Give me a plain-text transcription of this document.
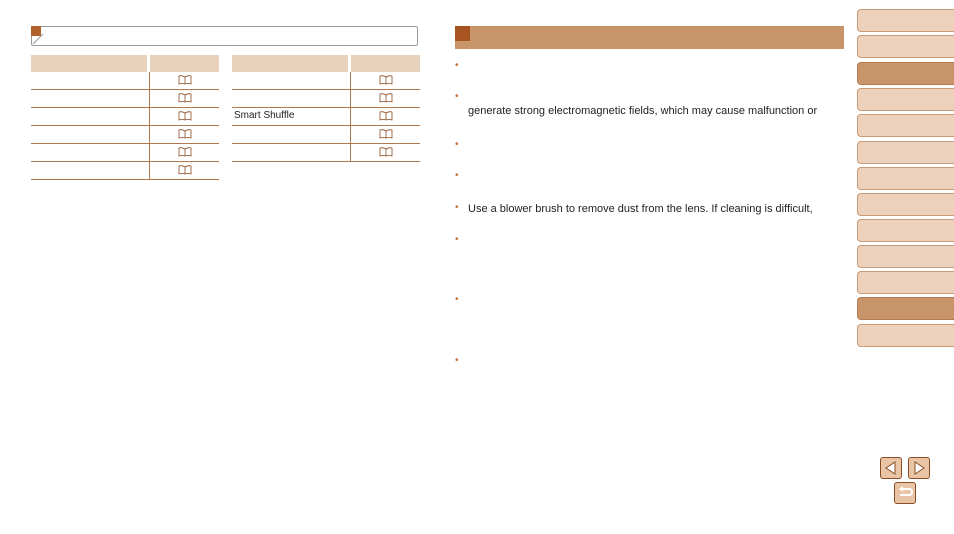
Smart Shuffle
•
•
generate strong electromagnetic fields, which may cause malfunction or
•
•
• Use a blower brush to remove dust from the lens. If cleaning is difficult,
•
•
•
